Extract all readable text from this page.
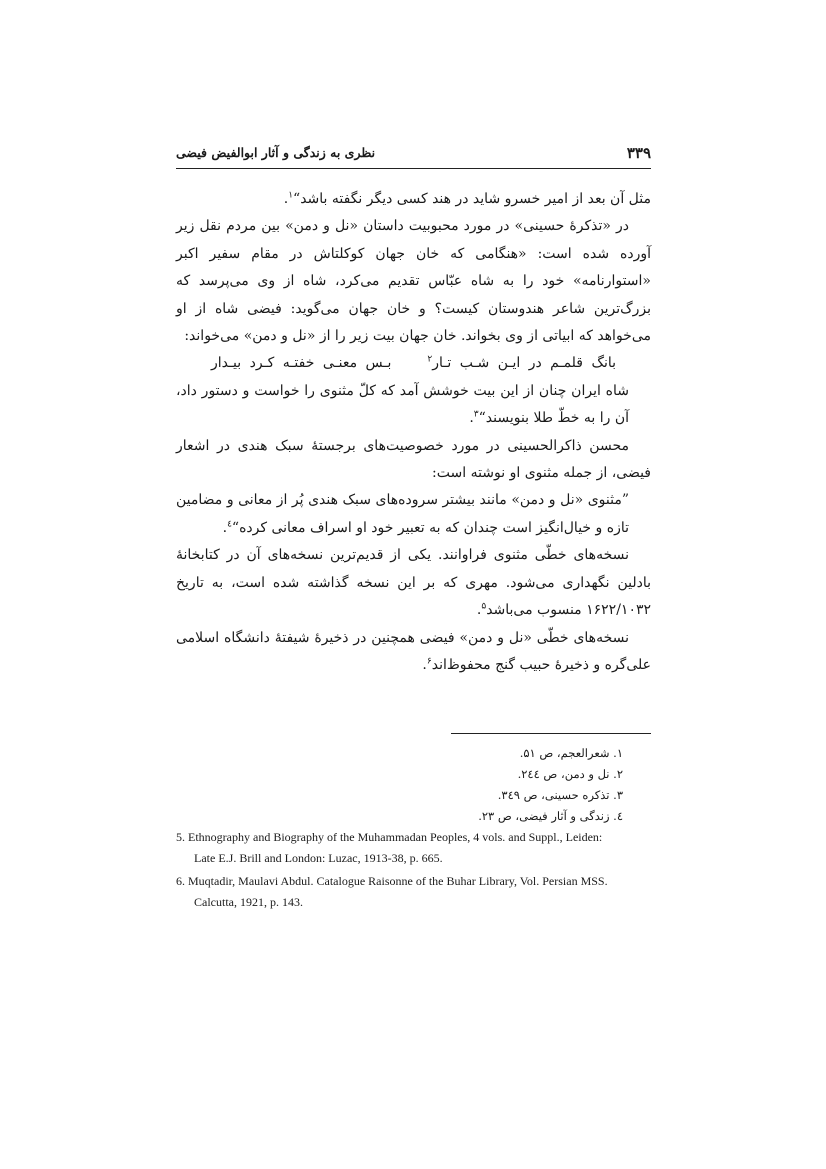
۳۳۹
نظری به زندگی و آثار ابوالفیض فیضی

مثل آن بعد از امیر خسرو شاید در هند کسی دیگر نگفته باشد“$^۱$.

در «تذکرۀ حسینی» در مورد محبوبیت داستان «نل و دمن» بین مردم نقل زیر آورده شده است: «هنگامی که خان جهان کوکلتاش در مقام سفیر اکبر «استوارنامه» خود را به شاه عبّاس تقدیم می‌کرد، شاه از وی می‌پرسد که بزرگ‌ترین شاعر هندوستان کیست؟ و خان جهان می‌گوید: فیضی شاه از او می‌خواهد که ابیاتی از وی بخواند. خان جهان بیت زیر را از «نل و دمن» می‌خواند:

بانگ قلمـم در ایـن شـب تـار$^۲$بـس معنـی خفتـه کـرد بیـدار

شاه ایران چنان از این بیت خوشش آمد که کلّ مثنوی را خواست و دستور داد، آن را به خطّ طلا بنویسند“$^۳$.

محسن ذاکرالحسینی در مورد خصوصیت‌های برجستۀ سبک هندی در اشعار فیضی، از جمله مثنوی او نوشته است:

”مثنوی «نل و دمن» مانند بیشتر سروده‌های سبک هندی پُر از معانی و مضامین تازه و خیال‌انگیز است چندان که به تعبیر خود او اسراف معانی کرده“$^٤$.

نسخه‌های خطّی مثنوی فراوانند. یکی از قدیم‌ترین نسخه‌های آن در کتابخانۀ بادلین نگهداری می‌شود. مهری که بر این نسخه گذاشته شده است، به تاریخ ۱۶۲۲/۱۰۳۲ منسوب می‌باشد$^۵$.

نسخه‌های خطّی «نل و دمن» فیضی همچنین در ذخیرۀ شیفتۀ دانشگاه اسلامی علی‌گره و ذخیرۀ حبیب گنج محفوظ‌اند$^۶$.

۱. شعرالعجم، ص ۵۱.
۲. نل و دمن، ص ۲٤٤.
۳. تذکره حسینی، ص ۳٤۹.
٤. زندگی و آثار فیضی، ص ۲۳.
5. Ethnography and Biography of the Muhammadan Peoples, 4 vols. and Suppl., Leiden:
Late E.J. Brill and London: Luzac, 1913-38, p. 665.
6. Muqtadir, Maulavi Abdul. Catalogue Raisonne of the Buhar Library, Vol. Persian MSS.
Calcutta, 1921, p. 143.
